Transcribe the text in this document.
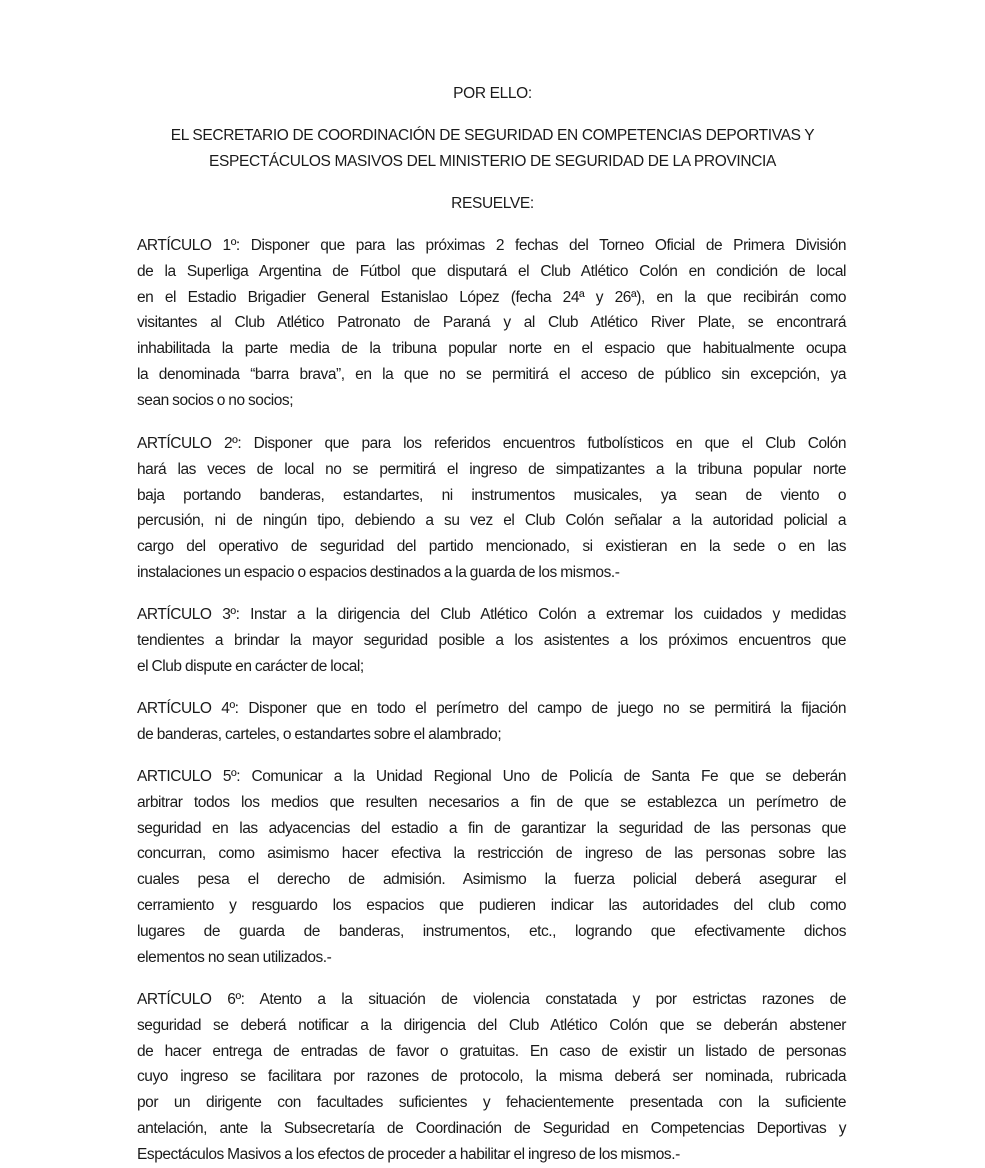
POR ELLO:
EL SECRETARIO DE COORDINACIÓN DE SEGURIDAD EN COMPETENCIAS DEPORTIVAS Y
ESPECTÁCULOS MASIVOS DEL MINISTERIO DE SEGURIDAD DE LA PROVINCIA
RESUELVE:
ARTÍCULO 1º: Disponer que para las próximas 2 fechas del Torneo Oficial de Primera División
de la Superliga Argentina de Fútbol que disputará el Club Atlético Colón en condición de local
en el Estadio Brigadier General Estanislao López (fecha 24ª y 26ª), en la que recibirán como
visitantes al Club Atlético Patronato de Paraná y al Club Atlético River Plate, se encontrará
inhabilitada la parte media de la tribuna popular norte en el espacio que habitualmente ocupa
la denominada “barra brava”, en la que no se permitirá el acceso de público sin excepción, ya
sean socios o no socios;
ARTÍCULO 2º: Disponer que para los referidos encuentros futbolísticos en que el Club Colón
hará las veces de local no se permitirá el ingreso de simpatizantes a la tribuna popular norte
baja portando banderas, estandartes, ni instrumentos musicales, ya sean de viento o
percusión, ni de ningún tipo, debiendo a su vez el Club Colón señalar a la autoridad policial a
cargo del operativo de seguridad del partido mencionado, si existieran en la sede o en las
instalaciones un espacio o espacios destinados a la guarda de los mismos.-
ARTÍCULO 3º: Instar a la dirigencia del Club Atlético Colón a extremar los cuidados y medidas
tendientes a brindar la mayor seguridad posible a los asistentes a los próximos encuentros que
el Club dispute en carácter de local;
ARTÍCULO 4º: Disponer que en todo el perímetro del campo de juego no se permitirá la fijación
de banderas, carteles, o estandartes sobre el alambrado;
ARTICULO 5º: Comunicar a la Unidad Regional Uno de Policía de Santa Fe que se deberán
arbitrar todos los medios que resulten necesarios a fin de que se establezca un perímetro de
seguridad en las adyacencias del estadio a fin de garantizar la seguridad de las personas que
concurran, como asimismo hacer efectiva la restricción de ingreso de las personas sobre las
cuales pesa el derecho de admisión. Asimismo la fuerza policial deberá asegurar el
cerramiento y resguardo los espacios que pudieren indicar las autoridades del club como
lugares de guarda de banderas, instrumentos, etc., logrando que efectivamente dichos
elementos no sean utilizados.-
ARTÍCULO 6º: Atento a la situación de violencia constatada y por estrictas razones de
seguridad se deberá notificar a la dirigencia del Club Atlético Colón que se deberán abstener
de hacer entrega de entradas de favor o gratuitas. En caso de existir un listado de personas
cuyo ingreso se facilitara por razones de protocolo, la misma deberá ser nominada, rubricada
por un dirigente con facultades suficientes y fehacientemente presentada con la suficiente
antelación, ante la Subsecretaría de Coordinación de Seguridad en Competencias Deportivas y
Espectáculos Masivos a los efectos de proceder a habilitar el ingreso de los mismos.-
